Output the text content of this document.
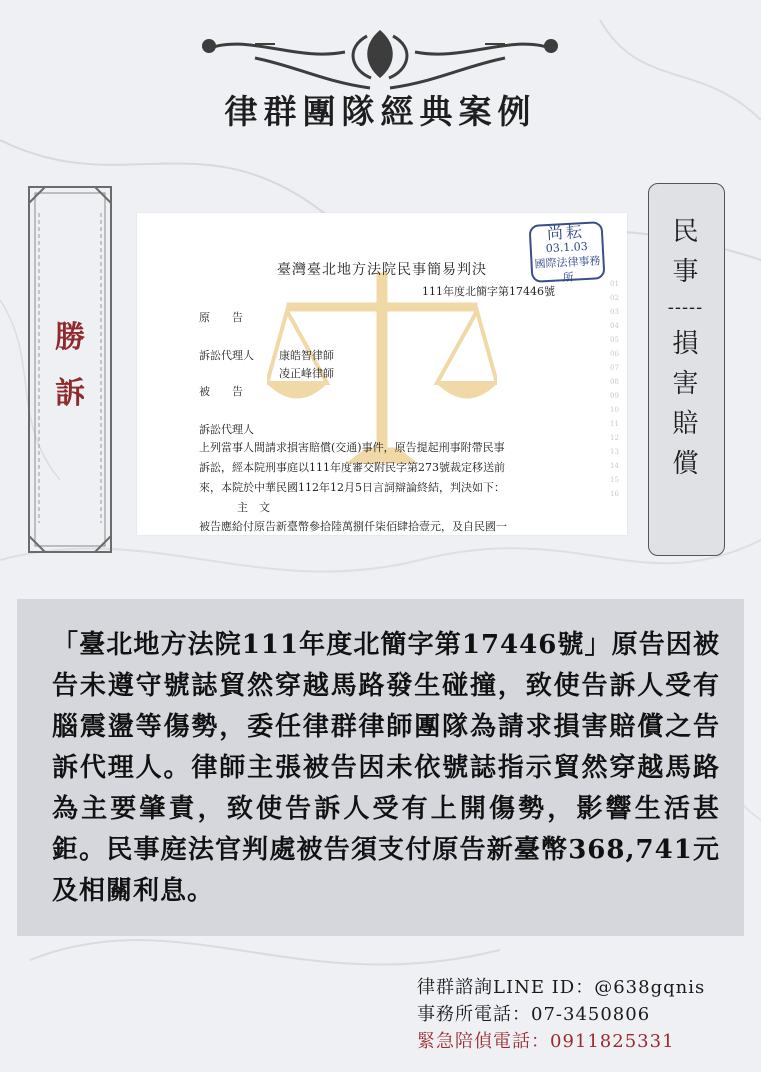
律群團隊經典案例
勝
訴
尚耘
03.1.03
國際法律事務所
臺灣臺北地方法院民事簡易判決
111年度北簡字第17446號
原　　告
訴訟代理人 康皓智律師
凌正峰律師
被　　告
訴訟代理人
上列當事人間請求損害賠償(交通)事件，原告提起刑事附帶民事
訴訟，經本院刑事庭以111年度審交附民字第273號裁定移送前
來，本院於中華民國112年12月5日言詞辯論終結，判決如下：
主　文
被告應給付原告新臺幣參拾陸萬捌仟柒佰肆拾壹元，及自民國一
01
02
03
04
05
06
07
08
09
10
11
12
13
14
15
16
民
事
-----
損
害
賠
償
「臺北地方法院111年度北簡字第17446號」原告因被告未遵守號誌貿然穿越馬路發生碰撞，致使告訴人受有腦震盪等傷勢，委任律群律師團隊為請求損害賠償之告訴代理人。律師主張被告因未依號誌指示貿然穿越馬路為主要肇責，致使告訴人受有上開傷勢，影響生活甚鉅。民事庭法官判處被告須支付原告新臺幣368,741元及相關利息。
律群諮詢LINE ID：@638gqnis
事務所電話：07-3450806
緊急陪偵電話：0911825331
